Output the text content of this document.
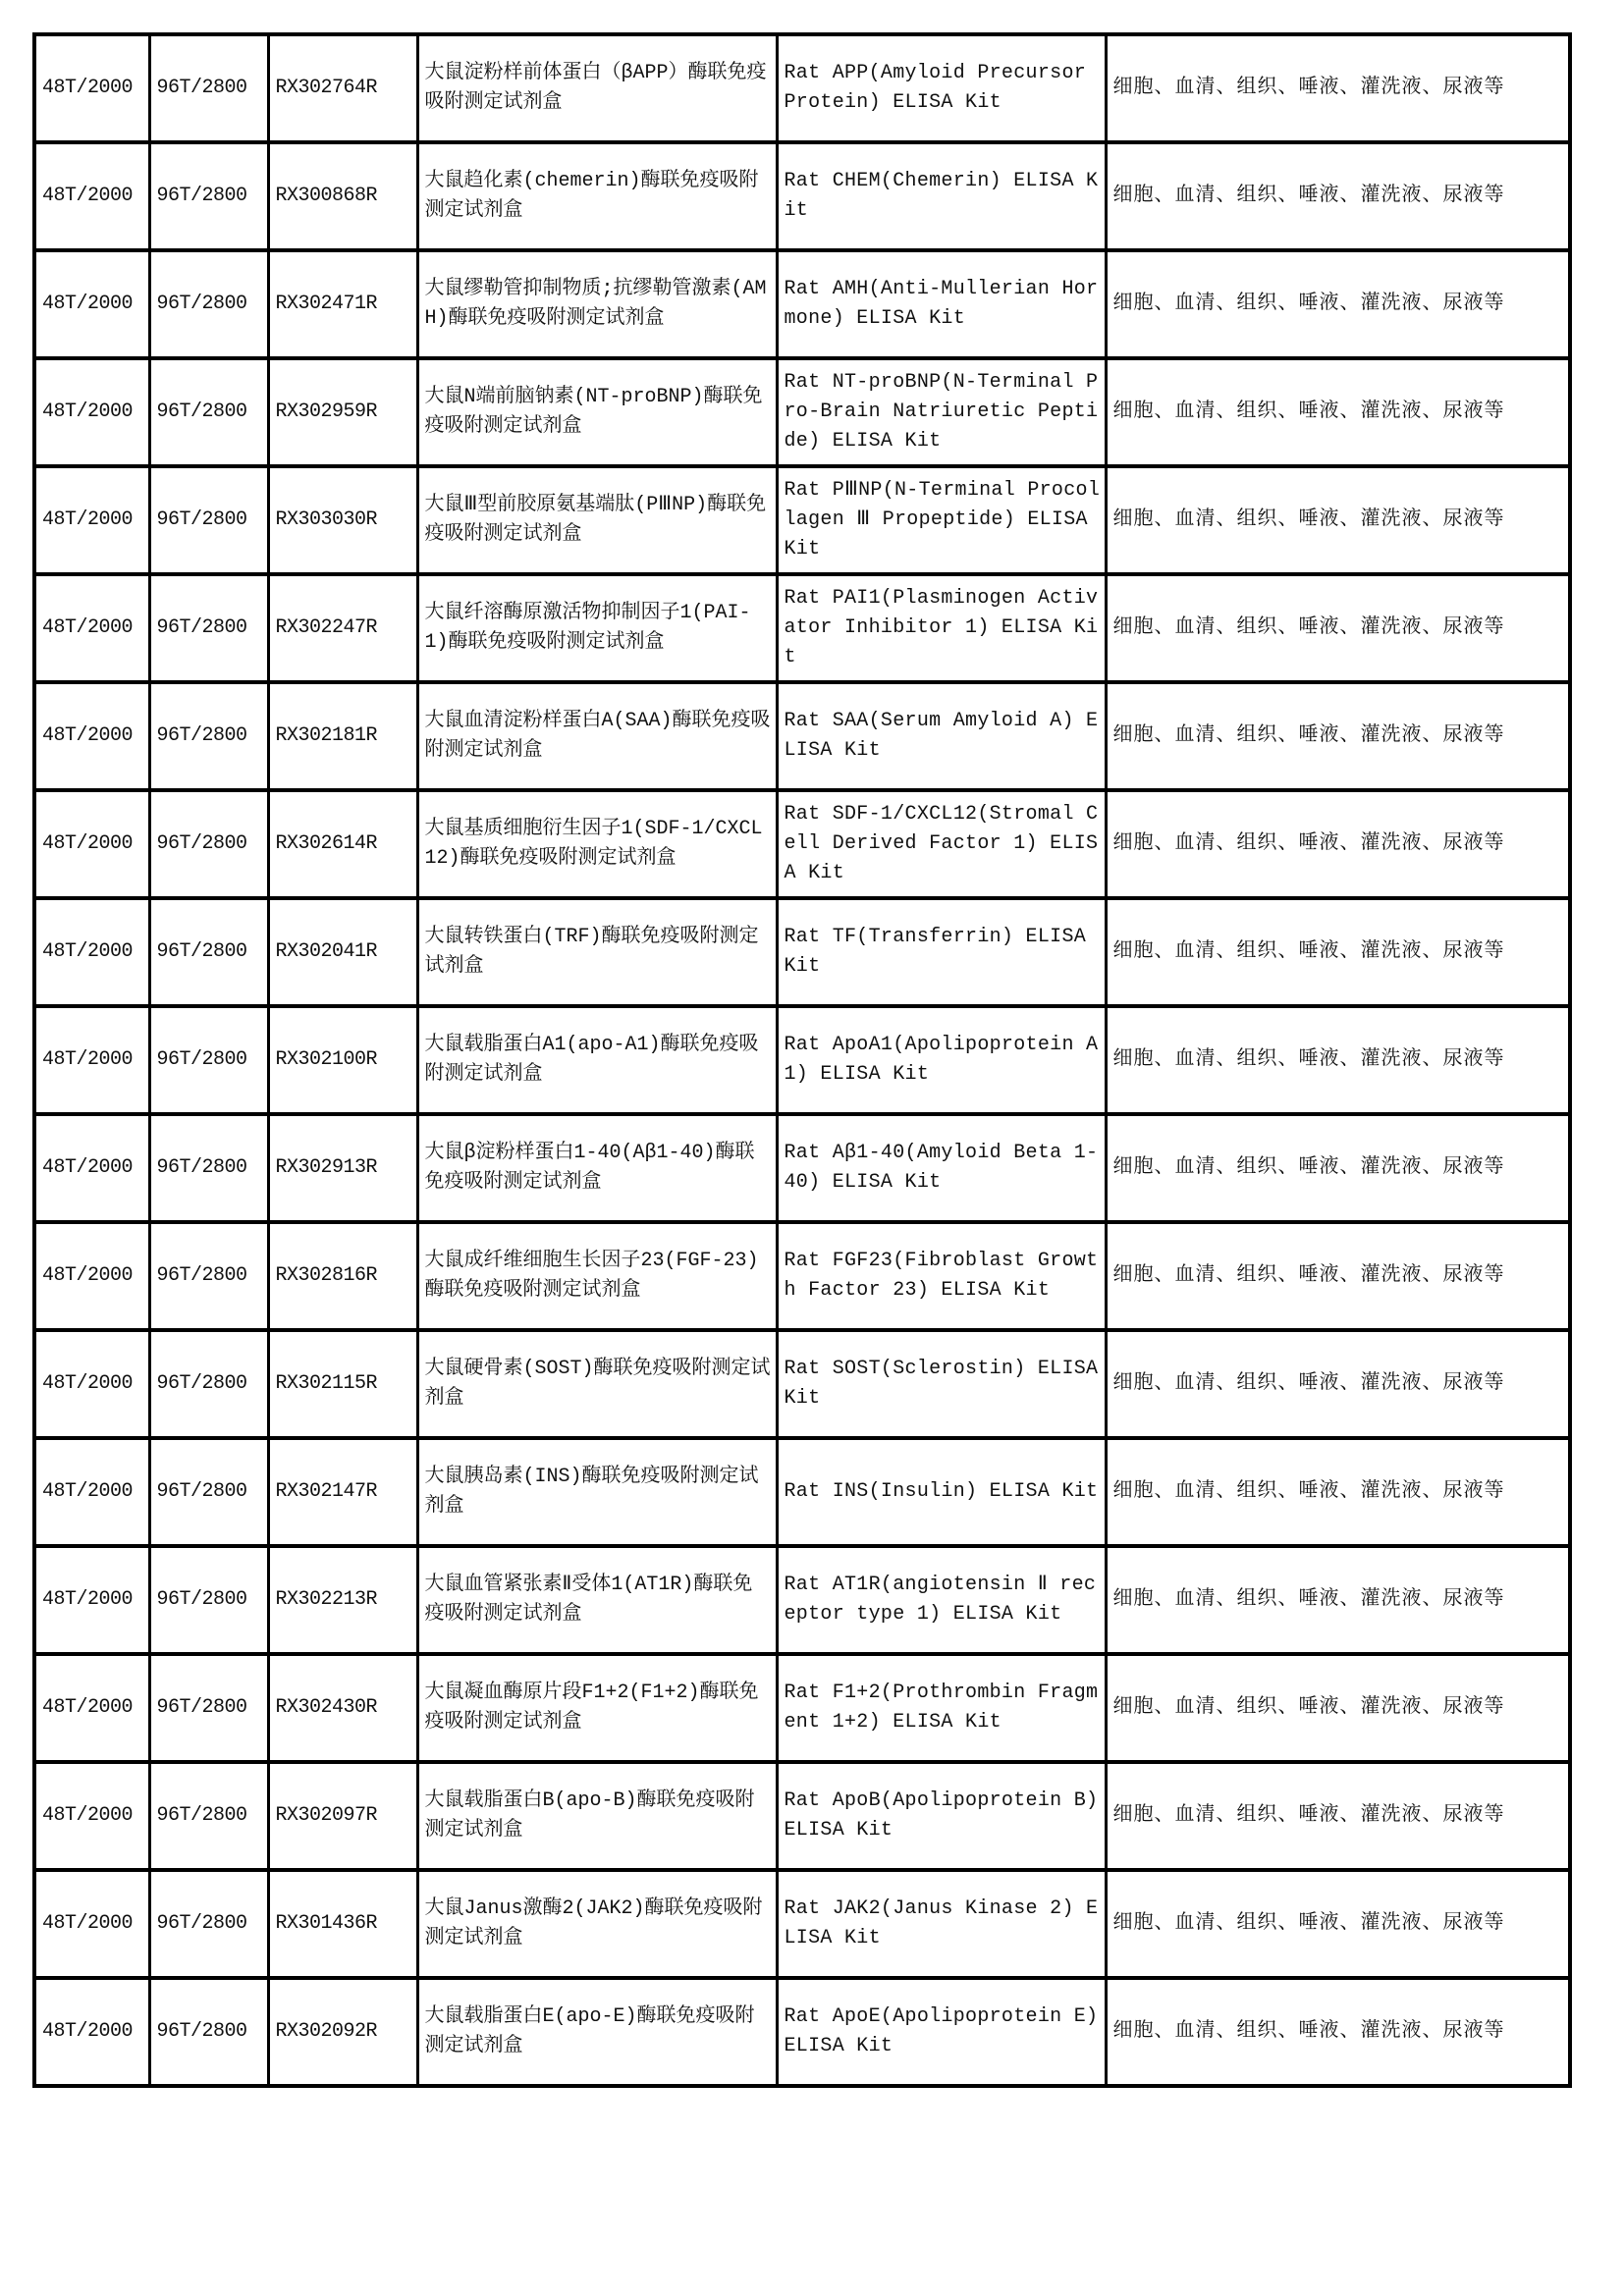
48T/2000	96T/2800	RX302764R	大鼠淀粉样前体蛋白（βAPP）酶联免疫吸附测定试剂盒	Rat APP(Amyloid Precursor Protein) ELISA Kit	细胞、血清、组织、唾液、灌洗液、尿液等
48T/2000	96T/2800	RX300868R	大鼠趋化素(chemerin)酶联免疫吸附测定试剂盒	Rat CHEM(Chemerin) ELISA Kit	细胞、血清、组织、唾液、灌洗液、尿液等
48T/2000	96T/2800	RX302471R	大鼠缪勒管抑制物质;抗缪勒管激素(AMH)酶联免疫吸附测定试剂盒	Rat AMH(Anti-Mullerian Hormone) ELISA Kit	细胞、血清、组织、唾液、灌洗液、尿液等
48T/2000	96T/2800	RX302959R	大鼠N端前脑钠素(NT-proBNP)酶联免疫吸附测定试剂盒	Rat NT-proBNP(N-Terminal Pro-Brain Natriuretic Peptide) ELISA Kit	细胞、血清、组织、唾液、灌洗液、尿液等
48T/2000	96T/2800	RX303030R	大鼠Ⅲ型前胶原氨基端肽(PⅢNP)酶联免疫吸附测定试剂盒	Rat PⅢNP(N-Terminal Procollagen Ⅲ Propeptide) ELISA Kit	细胞、血清、组织、唾液、灌洗液、尿液等
48T/2000	96T/2800	RX302247R	大鼠纤溶酶原激活物抑制因子1(PAI-1)酶联免疫吸附测定试剂盒	Rat PAI1(Plasminogen Activator Inhibitor 1) ELISA Kit	细胞、血清、组织、唾液、灌洗液、尿液等
48T/2000	96T/2800	RX302181R	大鼠血清淀粉样蛋白A(SAA)酶联免疫吸附测定试剂盒	Rat SAA(Serum Amyloid A) ELISA Kit	细胞、血清、组织、唾液、灌洗液、尿液等
48T/2000	96T/2800	RX302614R	大鼠基质细胞衍生因子1(SDF-1/CXCL12)酶联免疫吸附测定试剂盒	Rat SDF-1/CXCL12(Stromal Cell Derived Factor 1) ELISA Kit	细胞、血清、组织、唾液、灌洗液、尿液等
48T/2000	96T/2800	RX302041R	大鼠转铁蛋白(TRF)酶联免疫吸附测定试剂盒	Rat TF(Transferrin) ELISA Kit	细胞、血清、组织、唾液、灌洗液、尿液等
48T/2000	96T/2800	RX302100R	大鼠载脂蛋白A1(apo-A1)酶联免疫吸附测定试剂盒	Rat ApoA1(Apolipoprotein A1) ELISA Kit	细胞、血清、组织、唾液、灌洗液、尿液等
48T/2000	96T/2800	RX302913R	大鼠β淀粉样蛋白1-40(Aβ1-40)酶联免疫吸附测定试剂盒	Rat Aβ1-40(Amyloid Beta 1-40) ELISA Kit	细胞、血清、组织、唾液、灌洗液、尿液等
48T/2000	96T/2800	RX302816R	大鼠成纤维细胞生长因子23(FGF-23)酶联免疫吸附测定试剂盒	Rat FGF23(Fibroblast Growth Factor 23) ELISA Kit	细胞、血清、组织、唾液、灌洗液、尿液等
48T/2000	96T/2800	RX302115R	大鼠硬骨素(SOST)酶联免疫吸附测定试剂盒	Rat SOST(Sclerostin) ELISA Kit	细胞、血清、组织、唾液、灌洗液、尿液等
48T/2000	96T/2800	RX302147R	大鼠胰岛素(INS)酶联免疫吸附测定试剂盒	Rat INS(Insulin) ELISA Kit	细胞、血清、组织、唾液、灌洗液、尿液等
48T/2000	96T/2800	RX302213R	大鼠血管紧张素Ⅱ受体1(AT1R)酶联免疫吸附测定试剂盒	Rat AT1R(angiotensin Ⅱ receptor type 1) ELISA Kit	细胞、血清、组织、唾液、灌洗液、尿液等
48T/2000	96T/2800	RX302430R	大鼠凝血酶原片段F1+2(F1+2)酶联免疫吸附测定试剂盒	Rat F1+2(Prothrombin Fragment 1+2) ELISA Kit	细胞、血清、组织、唾液、灌洗液、尿液等
48T/2000	96T/2800	RX302097R	大鼠载脂蛋白B(apo-B)酶联免疫吸附测定试剂盒	Rat ApoB(Apolipoprotein B) ELISA Kit	细胞、血清、组织、唾液、灌洗液、尿液等
48T/2000	96T/2800	RX301436R	大鼠Janus激酶2(JAK2)酶联免疫吸附测定试剂盒	Rat JAK2(Janus Kinase 2) ELISA Kit	细胞、血清、组织、唾液、灌洗液、尿液等
48T/2000	96T/2800	RX302092R	大鼠载脂蛋白E(apo-E)酶联免疫吸附测定试剂盒	Rat ApoE(Apolipoprotein E) ELISA Kit	细胞、血清、组织、唾液、灌洗液、尿液等
